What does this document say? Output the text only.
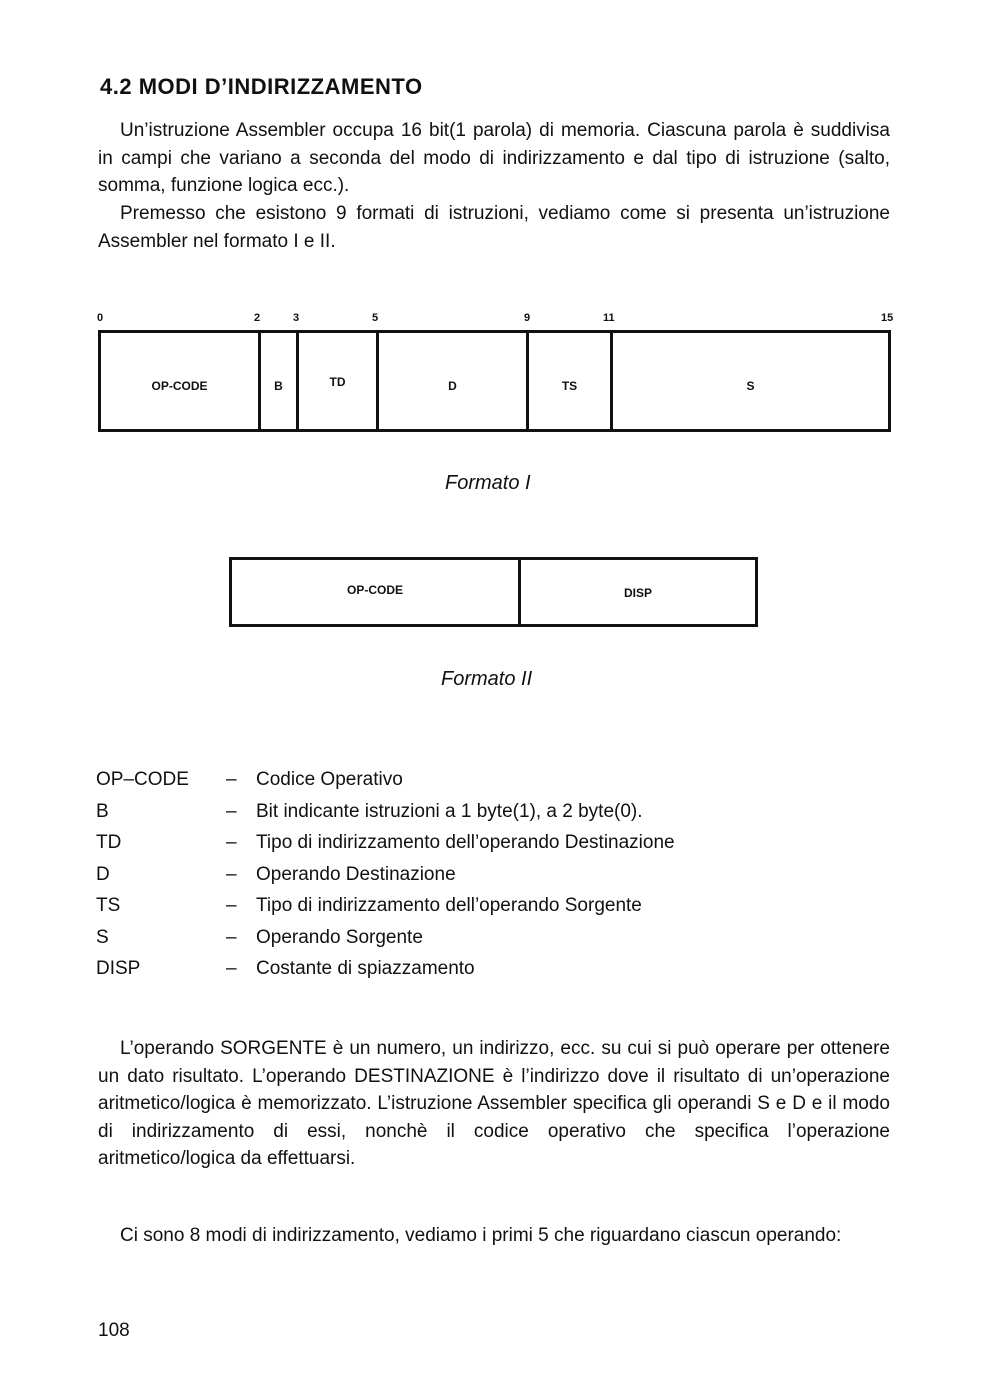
4.2 MODI D’INDIRIZZAMENTO

Un’istruzione Assembler occupa 16 bit(1 parola) di memoria. Ciascuna parola è suddivisa in campi che variano a seconda del modo di indirizzamento e dal tipo di istruzione (salto, somma, funzione logica ecc.).

Premesso che esistono 9 formati di istruzioni, vediamo come si presenta un’istruzione Assembler nel formato I e II.

0	2	3	5	9	11	15
OP-CODE	B	TD	D	TS	S
Formato I
OP-CODE	DISP
Formato II
OP–CODE	–	Codice Operativo
B	–	Bit indicante istruzioni a 1 byte(1), a 2 byte(0).
TD	–	Tipo di indirizzamento dell’operando Destinazione
D	–	Operando Destinazione
TS	–	Tipo di indirizzamento dell’operando Sorgente
S	–	Operando Sorgente
DISP	–	Costante di spiazzamento

L’operando SORGENTE è un numero, un indirizzo, ecc. su cui si può operare per ottenere un dato risultato. L’operando DESTINAZIONE è l’indirizzo dove il risultato di un’operazione aritmetico/logica è memorizzato. L’istruzione Assembler specifica gli operandi S e D e il modo di indirizzamento di essi, nonchè il codice operativo che specifica l’operazione aritmetico/logica da effettuarsi.

Ci sono 8 modi di indirizzamento, vediamo i primi 5 che riguardano ciascun operando:

108
